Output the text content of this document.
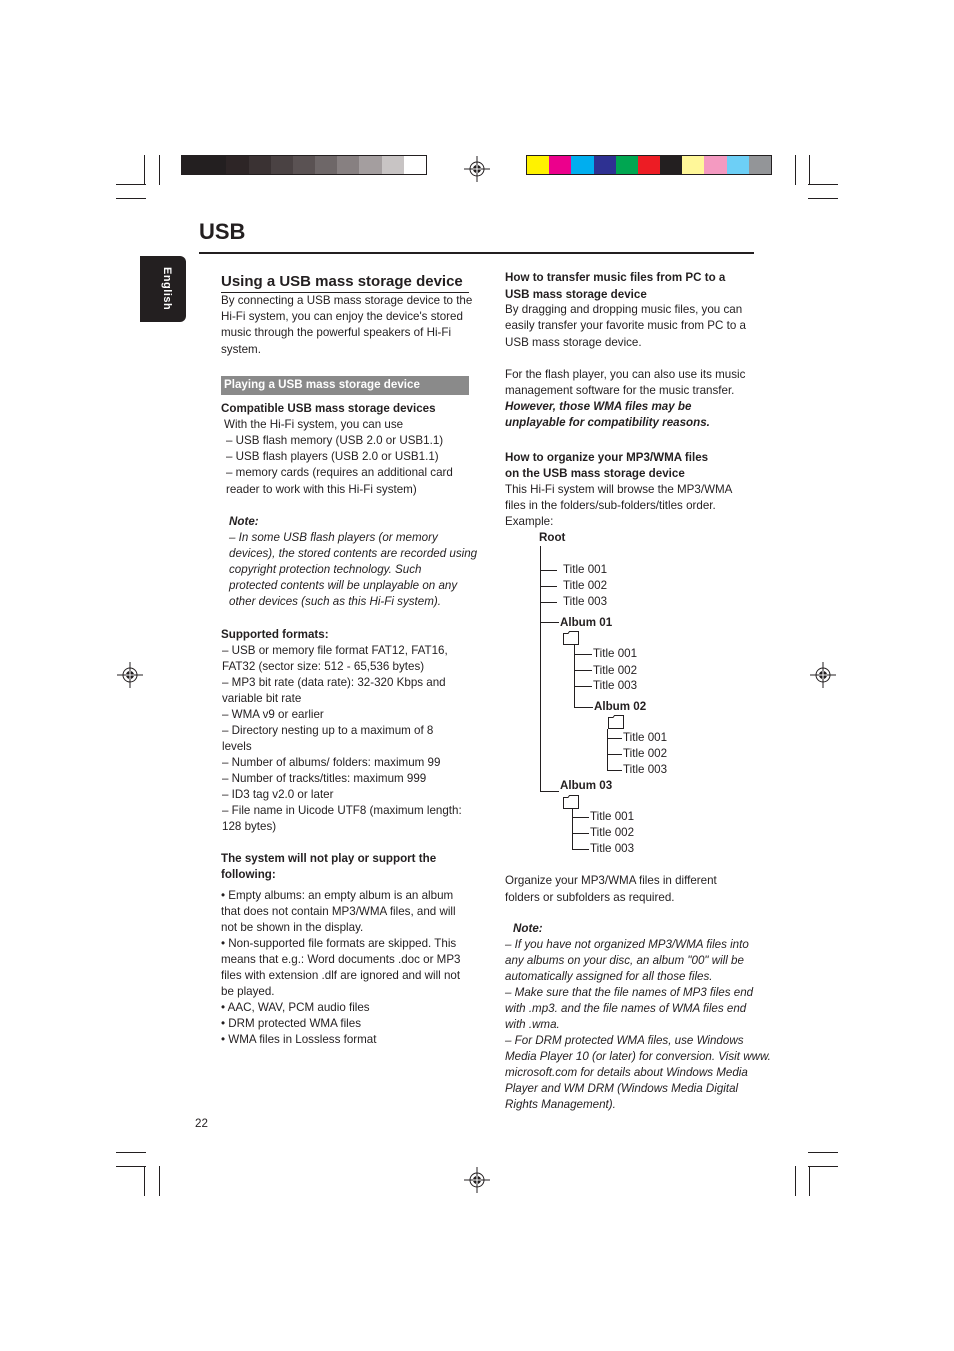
USB
English	Using a USB mass storage device
By connecting a USB mass storage device to the
Hi-Fi system, you can enjoy the device's stored
music through the powerful speakers of Hi-Fi
system.
Playing a USB mass storage device
Compatible USB mass storage devices
With the Hi-Fi system, you can use
– USB flash memory (USB 2.0 or USB1.1)
– USB flash players (USB 2.0 or USB1.1)
– memory cards (requires an additional card
reader to work with this Hi-Fi system)
Note:
– In some USB flash players (or memory
devices), the stored contents are recorded using
copyright protection technology. Such
protected contents will be unplayable on any
other devices (such as this Hi-Fi system).
Supported formats:
– USB or memory file format FAT12, FAT16,
FAT32 (sector size: 512 - 65,536 bytes)
– MP3 bit rate (data rate): 32-320 Kbps and
variable bit rate
– WMA v9 or earlier
– Directory nesting up to a maximum of 8
levels
– Number of albums/ folders: maximum 99
– Number of tracks/titles: maximum 999
– ID3 tag v2.0 or later
– File name in Uicode UTF8 (maximum length:
128 bytes)
The system will not play or support the
following:
• Empty albums: an empty album is an album
that does not contain MP3/WMA files, and will
not be shown in the display.
• Non-supported file formats are skipped. This
means that e.g.: Word documents .doc or MP3
files with extension .dlf are ignored and will not
be played.
• AAC, WAV, PCM audio files
• DRM protected WMA files
• WMA files in Lossless format
22
How to transfer music files from PC to a
USB mass storage device
By dragging and dropping music files, you can
easily transfer your favorite music from PC to a
USB mass storage device.
For the flash player, you can also use its music
management software for the music transfer.
However, those WMA files may be
unplayable for compatibility reasons.
How to organize your MP3/WMA files
on the USB mass storage device
This Hi-Fi system will browse the MP3/WMA
files in the folders/sub-folders/titles order.
Example:
Root
Title 001
Title 002
Title 003
Album 01
Title 001
Title 002
Title 003
Album 02
Title 001
Title 002
Title 003
Album 03
Title 001
Title 002
Title 003
Organize your MP3/WMA files in different
folders or subfolders as required.
Note:
– If you have not organized MP3/WMA files into
any albums on your disc, an album "00" will be
automatically assigned for all those files.
– Make sure that the file names of MP3 files end
with .mp3. and the file names of WMA files end
with .wma.
– For DRM protected WMA files, use Windows
Media Player 10 (or later) for conversion. Visit www.
microsoft.com for details about Windows Media
Player and WM DRM (Windows Media Digital
Rights Management).
